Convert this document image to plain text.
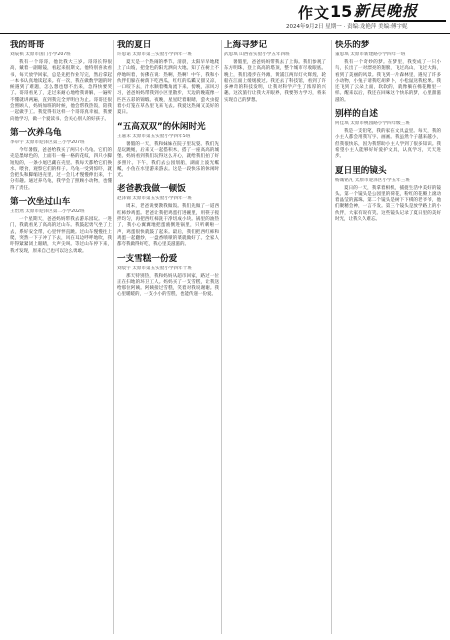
作文 15 新民晚报
2024年9月2日 星期一 · 责编:龙艳萍 美编:傅宇妮
我的哥哥
刘辰祺 太原市国门小学207班
我有一个哥哥，他比我大三岁。哥哥长得很高，戴着一副眼镜，看起来很斯文。他特别喜欢看书，每天放学回家，总是先把作业写完，然后拿起一本书认真地读起来。有一次，我在做数学题的时候遇到了难题，怎么想也想不出来，急得快要哭了。哥哥看见了，走过来耐心地给我讲解，一遍听不懂就讲两遍，直到我完全弄明白为止。哥哥还很会照顾人，妈妈加班的时候，他会帮我热饭，陪我一起做手工。我觉得有这样一个哥哥真幸福，我要向他学习，做一个爱读书、会关心别人的好孩子。
第一次养乌龟
李卓宇 太原市迎泽区第三小学207班
今年暑假，爸爸给我买了两只小乌龟。它们的壳是墨绿色的，上面有一格一格的花纹，四只小脚短短的，一条小尾巴藏在壳里。我每天都给它们换水、喂食，观察它们的样子。乌龟一受到惊吓，就会把头和脚缩进壳里，过一会儿才慢慢伸出来，十分有趣。通过养乌龟，我学会了照顾小动物，也懂得了责任。
第一次坐过山车
王怡然 太原市迎泽区第二小学202班
一个星期天，爸爸妈妈带我去游乐园玩。一进门，我就看见了高高的过山车。我鼓起勇气坐了上去，系好安全带，心里怦怦直跳。过山车慢慢往上爬，突然一下子冲了下去，风在耳边呼呼地吹，我吓得紧紧闭上眼睛，大声尖叫。等过山车停下来，我才发现，原来自己也可以这么勇敢。
我的夏日
许思诺 太原市第三实验小学四年一班
夏天是一个热闹的季节。清晨，太阳早早地爬上了山坡，把金色的阳光洒向大地。知了在树上不停地叫着，仿佛在说：热啊，热啊！中午，我和小伙伴们躲在树荫下吃西瓜，红红的瓜瓤又甜又凉，一口咬下去，汁水顺着嘴角流下来。傍晚，凉风习习，爸爸妈妈带我到小区里散步，天边的晚霞像一匹匹五彩的锦缎。夜晚，星星眨着眼睛，萤火虫提着小灯笼在草丛里飞来飞去。我爱这热闹又美好的夏日。
“五高双双”的休闲时光
王嘉禾 太原市第五实验小学四年5班
暑假的一天，我和妹妹在院子里玩耍。我们先是玩跳绳，后来又一起搭积木，搭了一座高高的城堡。妈妈看到我们玩得这么开心，就给我们拍了好多照片。下午，我们去公园划船，湖面上波光粼粼，小鱼在水里游来游去。这是一段快乐的休闲时光。
老爸教我做一顿饭
赵泽锦 太原市第五实验小学四年一班
周末，老爸说要教我做饭。我们先做了一道西红柿炒鸡蛋。老爸让我把鸡蛋打进碗里，用筷子搅拌均匀，再把西红柿洗干净切成小块。锅里的油热了，我小心翼翼地把蛋液倒进锅里，只听刺啦一声，鸡蛋很快就鼓了起来。最后，我们把西红柿和鸡蛋一起翻炒，一盘香喷喷的菜就做好了。全家人都夸我做得好吃，我心里美滋滋的。
一支雪糕一份爱
刘宸宇 太原市第五实验小学四年十班
那天特别热，我和妈妈从超市回家，路过一位正在扫地的环卫工人。妈妈买了一支雪糕，让我送给那位阿姨。阿姨接过雪糕，笑着对我说谢谢。我心里暖暖的，一支小小的雪糕，也能传递一份爱。
上海寻梦记
武思琪 山西省实验小学五年四班
暑假里，爸爸妈妈带我去了上海。我们参观了东方明珠，登上高高的塔顶，整个城市尽收眼底。晚上，我们漫步在外滩，黄浦江两岸灯火辉煌，轮船在江面上缓缓驶过。我还去了科技馆，看到了许多神奇的科技发明，让我对科学产生了浓厚的兴趣。这次旅行让我大开眼界，我要努力学习，将来实现自己的梦想。
快乐的梦
董思琪 太原市新建路小学四年一班
我有一个奇妙的梦。在梦里，我变成了一只小鸟，长出了一对漂亮的翅膀，飞过高山，飞过大海，看到了美丽的风景。我飞到一片森林里，遇见了许多小动物，小兔子请我吃胡萝卜，小松鼠送我松果。我还飞到了云朵上面，软软的，就像躺在棉花糖里一样。醒来以后，我还在回味这个快乐的梦，心里甜滋滋的。
别样的自述
何佳琪 太原市桃园路小学四年级三班
我是一支铅笔，我的家在文具盒里。每天，我的小主人都会用我写字、画画。我虽然个子越来越小，但我很快乐，因为我帮助小主人学到了很多知识。我希望小主人能够好好爱护文具，认真学习，天天进步。
夏日里的镜头
杨诚铭凡 太原市迎泽区小学五年三班
夏日的一天，我拿着相机，捕捉生活中美好的镜头。第一个镜头是公园里的荷花，粉红的花瓣上滚动着晶莹的露珠。第二个镜头是树下下棋的老爷爷，他们聚精会神，一言不发。第三个镜头是放学路上的小伙伴，大家有说有笑。这些镜头记录了夏日里的美好时光，让我久久难忘。
